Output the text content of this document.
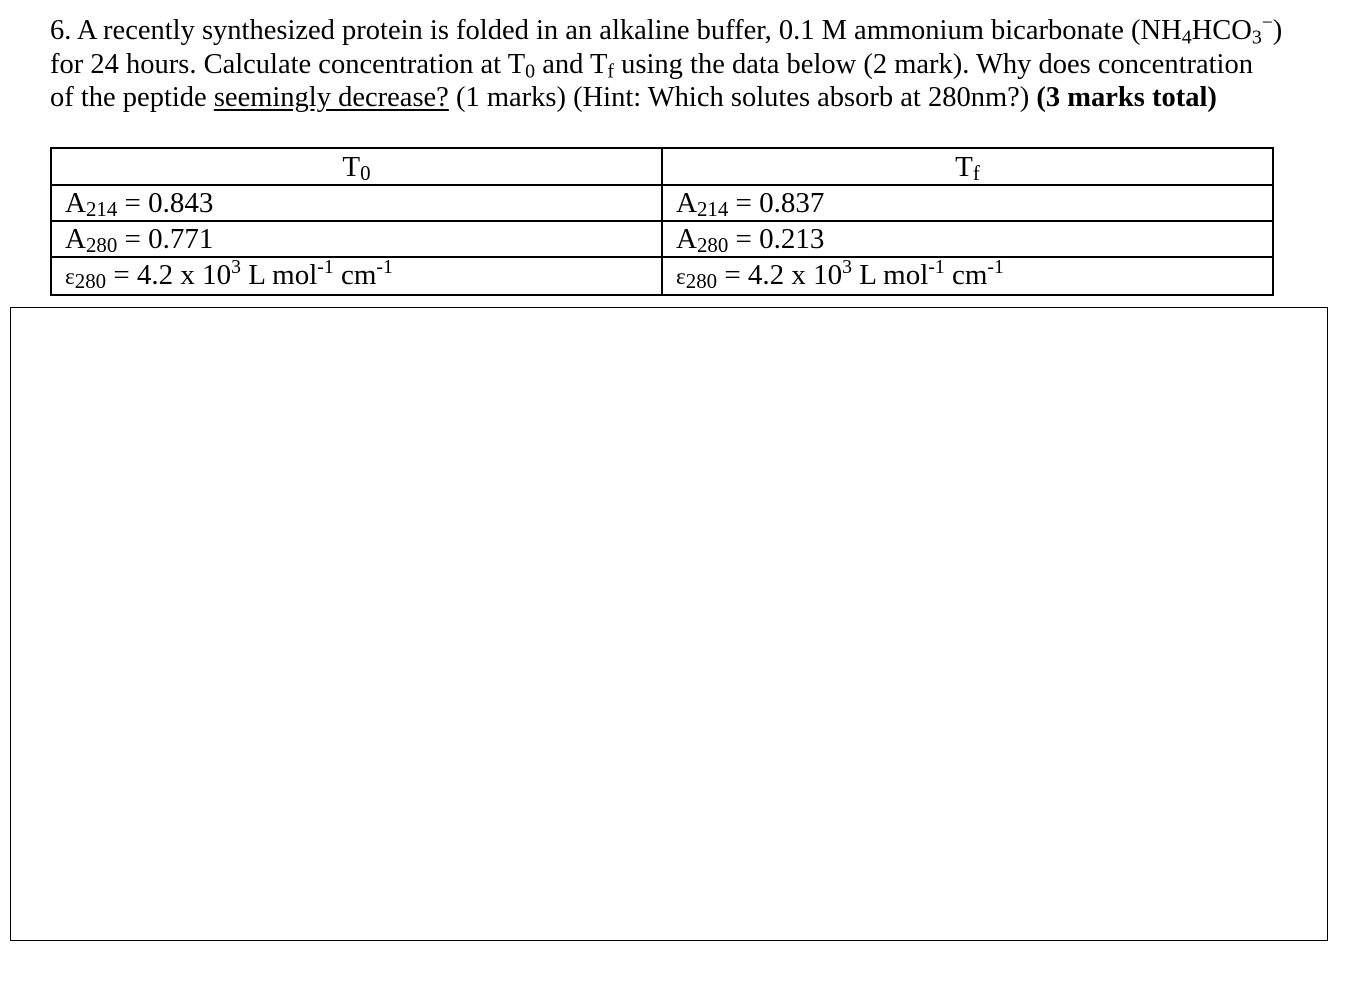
6. A recently synthesized protein is folded in an alkaline buffer, 0.1 M ammonium bicarbonate (NH4HCO3−)
for 24 hours. Calculate concentration at T0 and Tf using the data below (2 mark). Why does concentration
of the peptide seemingly decrease? (1 marks) (Hint: Which solutes absorb at 280nm?) (3 marks total)
T0	Tf
A214 = 0.843	A214 = 0.837
A280 = 0.771	A280 = 0.213
ε280 = 4.2 x $10^3$ L mol$^{-1}$ $cm^{-1}$	ε280 = 4.2 x $10^3$ L mol$^{-1}$ $cm^{-1}$
